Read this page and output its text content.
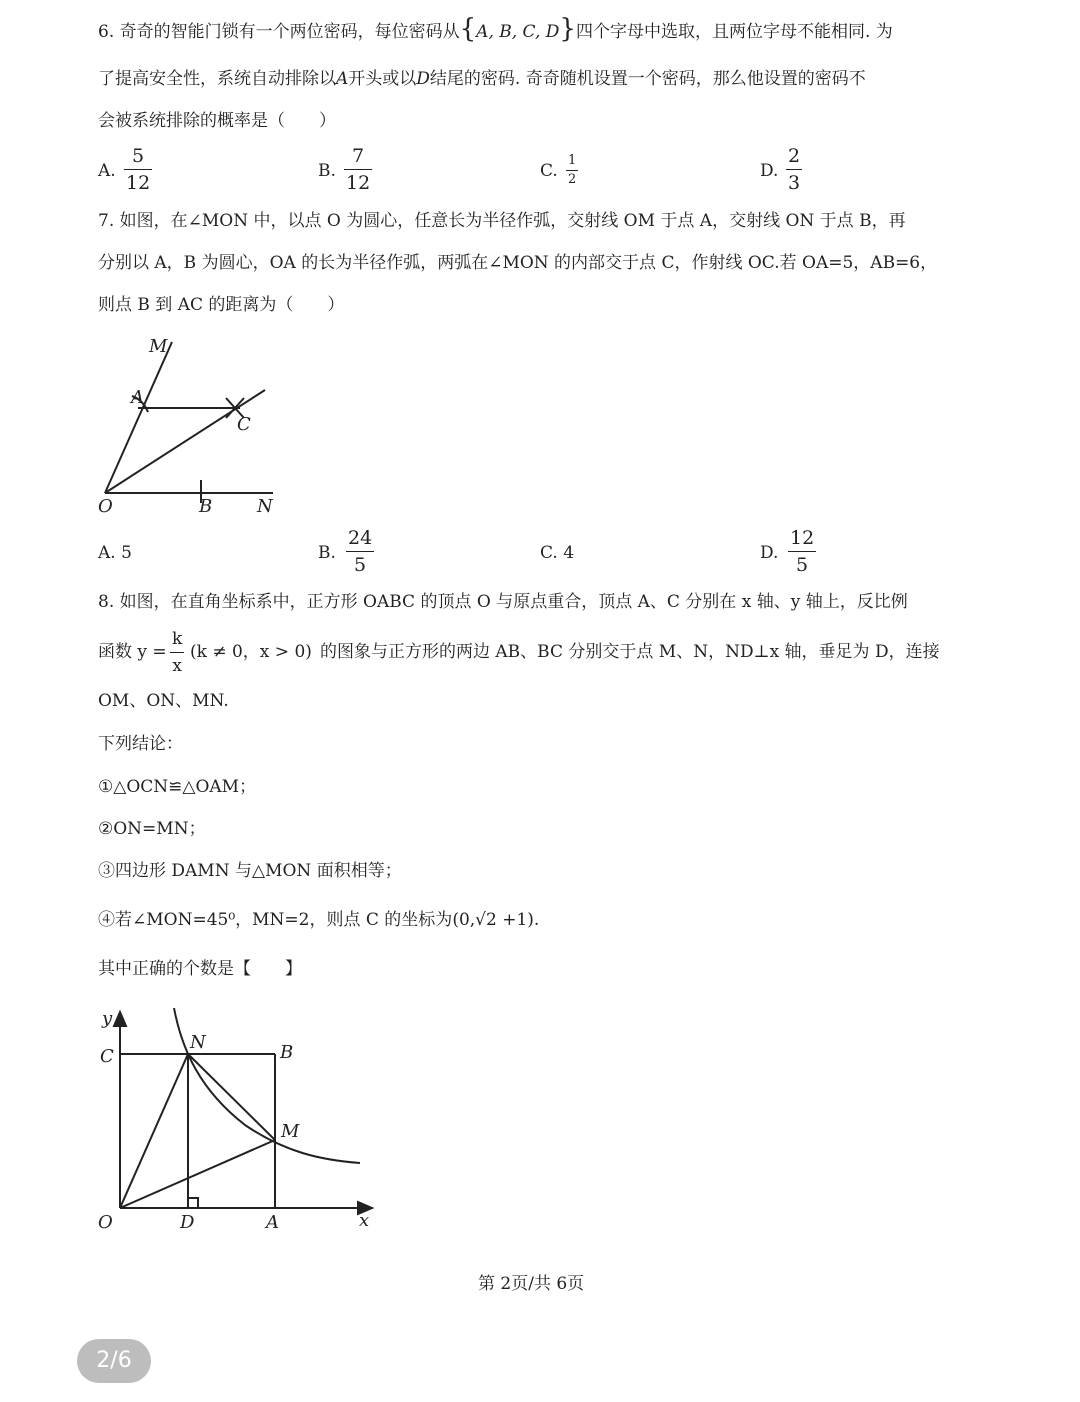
6. 奇奇的智能门锁有一个两位密码，每位密码从{A, B, C, D}四个字母中选取，且两位字母不能相同. 为
了提高安全性，系统自动排除以A开头或以D结尾的密码. 奇奇随机设置一个密码，那么他设置的密码不
会被系统排除的概率是（　　）
A.
5
12
B.
7
12
C.
1
2	D.
2
3
7. 如图，在∠MON 中，以点 O 为圆心，任意长为半径作弧，交射线 OM 于点 A，交射线 ON 于点 B，再
分别以 A，B 为圆心，OA 的长为半径作弧，两弧在∠MON 的内部交于点 C，作射线 OC.若 OA=5，AB=6，
则点 B 到 AC 的距离为（　　）
M
A
C
O	B N
A. 5	B.
24
5
C. 4	D.
12
5
8. 如图，在直角坐标系中，正方形 OABC 的顶点 O 与原点重合，顶点 A、C 分别在 x 轴、y 轴上，反比例
函数 y =
k
x
(k ≠ 0，x > 0) 的图象与正方形的两边 AB、BC 分别交于点 M、N，ND⊥x 轴，垂足为 D，连接
OM、ON、MN.
下列结论：
①△OCN≌△OAM；
②ON=MN；
③四边形 DAMN 与△MON 面积相等；
④若∠MON=45⁰，MN=2，则点 C 的坐标为(0,√2 +1).
其中正确的个数是【　　】
y
C
N	B
M
O	D	A	x
第 2页/共 6页
2/6
